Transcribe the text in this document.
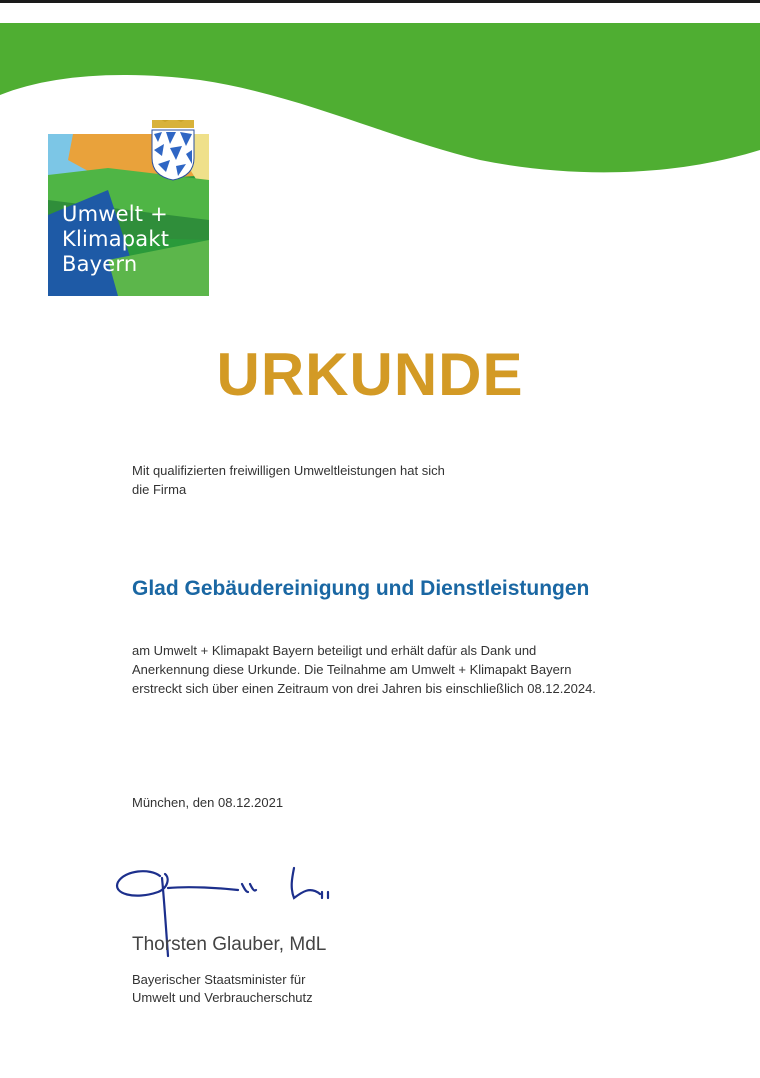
Umwelt +
Klimapakt
Bayern
URKUNDE
Mit qualifizierten freiwilligen Umweltleistungen hat sich
die Firma
Glad Gebäudereinigung und Dienstleistungen
am Umwelt + Klimapakt Bayern beteiligt und erhält dafür als Dank und
Anerkennung diese Urkunde. Die Teilnahme am Umwelt + Klimapakt Bayern
erstreckt sich über einen Zeitraum von drei Jahren bis einschließlich 08.12.2024.
München, den 08.12.2021
Thorsten Glauber, MdL
Bayerischer Staatsminister für
Umwelt und Verbraucherschutz
